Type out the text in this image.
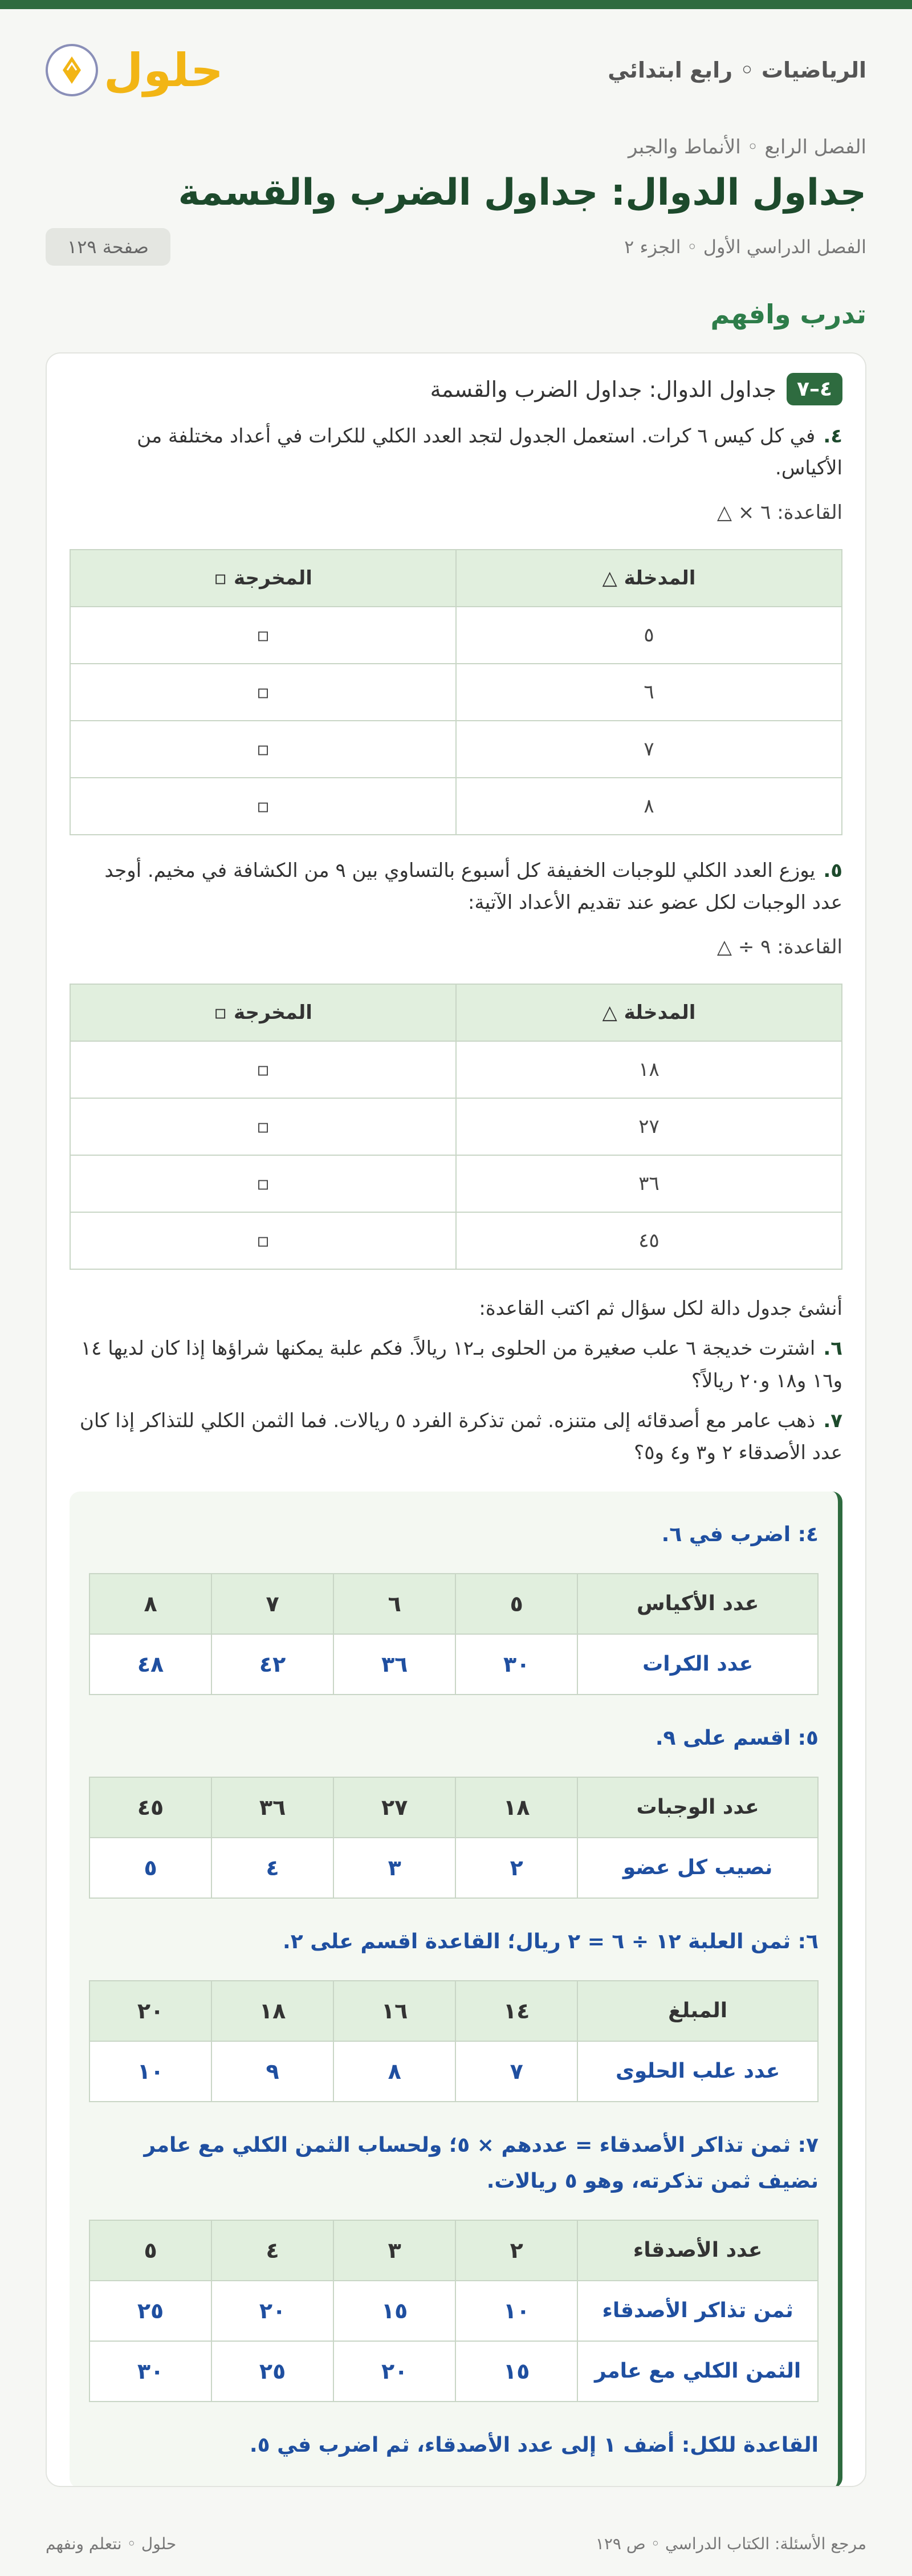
الرياضيات ◦ رابع ابتدائي
حلول
الفصل الرابع ◦ الأنماط والجبر
جداول الدوال: جداول الضرب والقسمة
الفصل الدراسي الأول ◦ الجزء ٢
صفحة ١٢٩
تدرب وافهم
٤–٧
جداول الدوال: جداول الضرب والقسمة

٤.في كل كيس ٦ كرات. استعمل الجدول لتجد العدد الكلي للكرات في أعداد مختلفة من الأكياس.

القاعدة: ٦ × △
المدخلة △	المخرجة ▫
٥	▫
٦	▫
٧	▫
٨	▫

٥.يوزع العدد الكلي للوجبات الخفيفة كل أسبوع بالتساوي بين ٩ من الكشافة في مخيم. أوجد عدد الوجبات لكل عضو عند تقديم الأعداد الآتية:

القاعدة: ٩ ÷ △
المدخلة △	المخرجة ▫
١٨	▫
٢٧	▫
٣٦	▫
٤٥	▫

أنشئ جدول دالة لكل سؤال ثم اكتب القاعدة:

٦.اشترت خديجة ٦ علب صغيرة من الحلوى بـ١٢ ريالاً. فكم علبة يمكنها شراؤها إذا كان لديها ١٤ و١٦ و١٨ و٢٠ ريالاً؟

٧.ذهب عامر مع أصدقائه إلى متنزه. ثمن تذكرة الفرد ٥ ريالات. فما الثمن الكلي للتذاكر إذا كان عدد الأصدقاء ٢ و٣ و٤ و٥؟

٤: اضرب في ٦.
عدد الأكياس	٥	٦	٧	٨
عدد الكرات	٣٠	٣٦	٤٢	٤٨
٥: اقسم على ٩.
عدد الوجبات	١٨	٢٧	٣٦	٤٥
نصيب كل عضو	٢	٣	٤	٥
٦: ثمن العلبة ١٢ ÷ ٦ = ٢ ريال؛ القاعدة اقسم على ٢.
المبلغ	١٤	١٦	١٨	٢٠
عدد علب الحلوى	٧	٨	٩	١٠
٧: ثمن تذاكر الأصدقاء = عددهم × ٥؛ ولحساب الثمن الكلي مع عامر نضيف ثمن تذكرته، وهو ٥ ريالات.
عدد الأصدقاء	٢	٣	٤	٥
ثمن تذاكر الأصدقاء	١٠	١٥	٢٠	٢٥
الثمن الكلي مع عامر	١٥	٢٠	٢٥	٣٠
القاعدة للكل: أضف ١ إلى عدد الأصدقاء، ثم اضرب في ٥.
مرجع الأسئلة: الكتاب الدراسي ◦ ص ١٢٩
حلول ◦ نتعلم ونفهم
